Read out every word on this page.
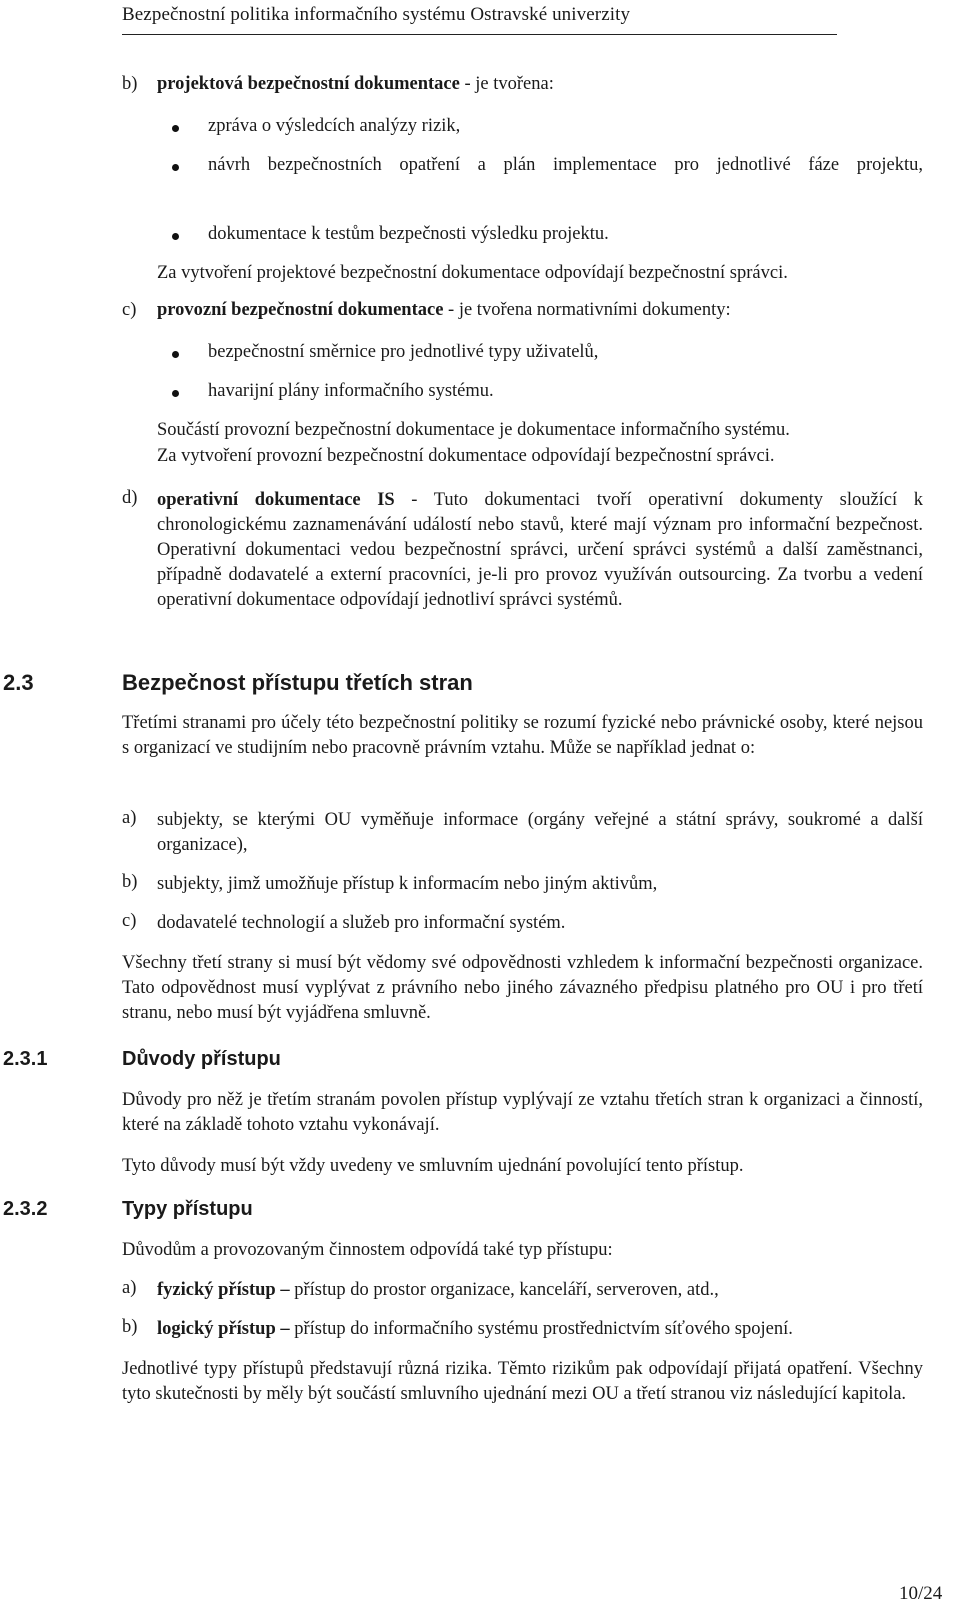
Bezpečnostní politika informačního systému Ostravské univerzity
b) projektová bezpečnostní dokumentace - je tvořena:
zpráva o výsledcích analýzy rizik,
návrh bezpečnostních opatření a plán implementace pro jednotlivé fáze projektu,
dokumentace k testům bezpečnosti výsledku projektu.
Za vytvoření projektové bezpečnostní dokumentace odpovídají bezpečnostní správci.
c) provozní bezpečnostní dokumentace - je tvořena normativními dokumenty:
bezpečnostní směrnice pro jednotlivé typy uživatelů,
havarijní plány informačního systému.
Součástí provozní bezpečnostní dokumentace je dokumentace informačního systému.
Za vytvoření provozní bezpečnostní dokumentace odpovídají bezpečnostní správci.
d) operativní dokumentace IS - Tuto dokumentaci tvoří operativní dokumenty sloužící k chronologickému zaznamenávání událostí nebo stavů, které mají význam pro informační bezpečnost. Operativní dokumentaci vedou bezpečnostní správci, určení správci systémů a další zaměstnanci, případně dodavatelé a externí pracovníci, je-li pro provoz využíván outsourcing. Za tvorbu a vedení operativní dokumentace odpovídají jednotliví správci systémů.
2.3	Bezpečnost přístupu třetích stran
Třetími stranami pro účely této bezpečnostní politiky se rozumí fyzické nebo právnické osoby, které nejsou s organizací ve studijním nebo pracovně právním vztahu. Může se například jednat o:
a) subjekty, se kterými OU vyměňuje informace (orgány veřejné a státní správy, soukromé a další organizace),
b) subjekty, jimž umožňuje přístup k informacím nebo jiným aktivům,
c) dodavatelé technologií a služeb pro informační systém.
Všechny třetí strany si musí být vědomy své odpovědnosti vzhledem k informační bezpečnosti organizace. Tato odpovědnost musí vyplývat z právního nebo jiného závazného předpisu platného pro OU i pro třetí stranu, nebo musí být vyjádřena smluvně.
2.3.1	Důvody přístupu
Důvody pro něž je třetím stranám povolen přístup vyplývají ze vztahu třetích stran k organizaci a činností, které na základě tohoto vztahu vykonávají.
Tyto důvody musí být vždy uvedeny ve smluvním ujednání povolující tento přístup.
2.3.2	Typy přístupu
Důvodům a provozovaným činnostem odpovídá také typ přístupu:
a) fyzický přístup – přístup do prostor organizace, kanceláří, serveroven, atd.,
b) logický přístup – přístup do informačního systému prostřednictvím síťového spojení.
Jednotlivé typy přístupů představují různá rizika. Těmto rizikům pak odpovídají přijatá opatření. Všechny tyto skutečnosti by měly být součástí smluvního ujednání mezi OU a třetí stranou viz následující kapitola.
10/24
